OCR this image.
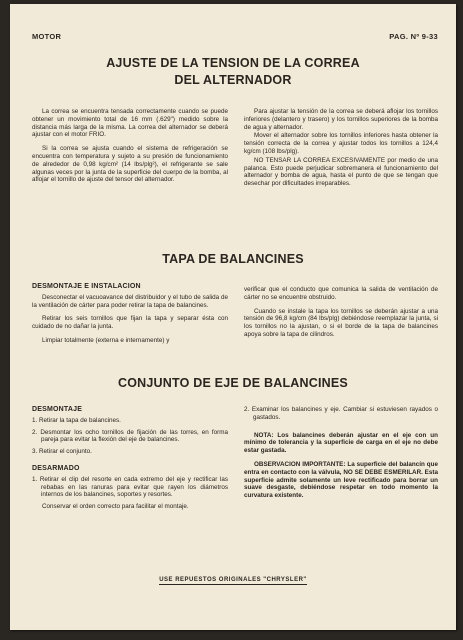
MOTOR	PAG. Nº 9-33
AJUSTE DE LA TENSION DE LA CORREA
DEL ALTERNADOR

La correa se encuentra tensada correctamente cuando se puede obtener un movimiento total de 16 mm (.629") medido sobre la distancia más larga de la misma. La correa del alternador se deberá ajustar con el motor FRIO.

Si la correa se ajusta cuando el sistema de refrigeración se encuentra con temperatura y sujeto a su presión de funcionamiento de alrededor de 0,98 kg/cm² (14 lbs/plg²), el refrigerante se sale algunas veces por la junta de la superficie del cuerpo de la bomba, al aflojar el tornillo de ajuste del tensor del alternador.

Para ajustar la tensión de la correa se deberá aflojar los tornillos inferiores (delantero y trasero) y los tornillos superiores de la bomba de agua y alternador.

Mover el alternador sobre los tornillos inferiores hasta obtener la tensión correcta de la correa y ajustar todos los tornillos a 124,4 kg/cm (108 lbs/plg).

NO TENSAR LA CORREA EXCESIVAMENTE por medio de una palanca. Esto puede perjudicar sobremanera el funcionamiento del alternador y bomba de agua, hasta el punto de que se tengan que desechar por dificultades irreparables.

TAPA DE BALANCINES
DESMONTAJE E INSTALACION

Desconectar el vacuoavance del distribuidor y el tubo de salida de la ventilación de cárter para poder retirar la tapa de balancines.

Retirar los seis tornillos que fijan la tapa y separar ésta con cuidado de no dañar la junta.

Limpiar totalmente (externa e internamente) y

verificar que el conducto que comunica la salida de ventilación de cárter no se encuentre obstruido.

Cuando se instale la tapa los tornillos se deberán ajustar a una tensión de 96,8 kg/cm (84 lbs/plg) debiéndose reemplazar la junta, si los tornillos no la ajustan, o si el borde de la tapa de balancines apoya sobre la tapa de cilindros.

CONJUNTO DE EJE DE BALANCINES
DESMONTAJE
1. Retirar la tapa de balancines.
2. Desmontar los ocho tornillos de fijación de las torres, en forma pareja para evitar la flexión del eje de balancines.
3. Retirar el conjunto.
DESARMADO
1. Retirar el clip del resorte en cada extremo del eje y rectificar las rebabas en las ranuras para evitar que rayen los diámetros internos de los balancines, soportes y resortes.

Conservar el orden correcto para facilitar el montaje.

2. Examinar los balancines y eje. Cambiar si estuviesen rayados o gastados.

NOTA: Los balancines deberán ajustar en el eje con un mínimo de tolerancia y la superficie de carga en el eje no debe estar gastada.

OBSERVACION IMPORTANTE: La superficie del balancín que entra en contacto con la válvula, NO SE DEBE ESMERILAR. Esta superficie admite solamente un leve rectificado para borrar un suave desgaste, debiéndose respetar en todo momento la curvatura existente.

USE REPUESTOS ORIGINALES "CHRYSLER"
